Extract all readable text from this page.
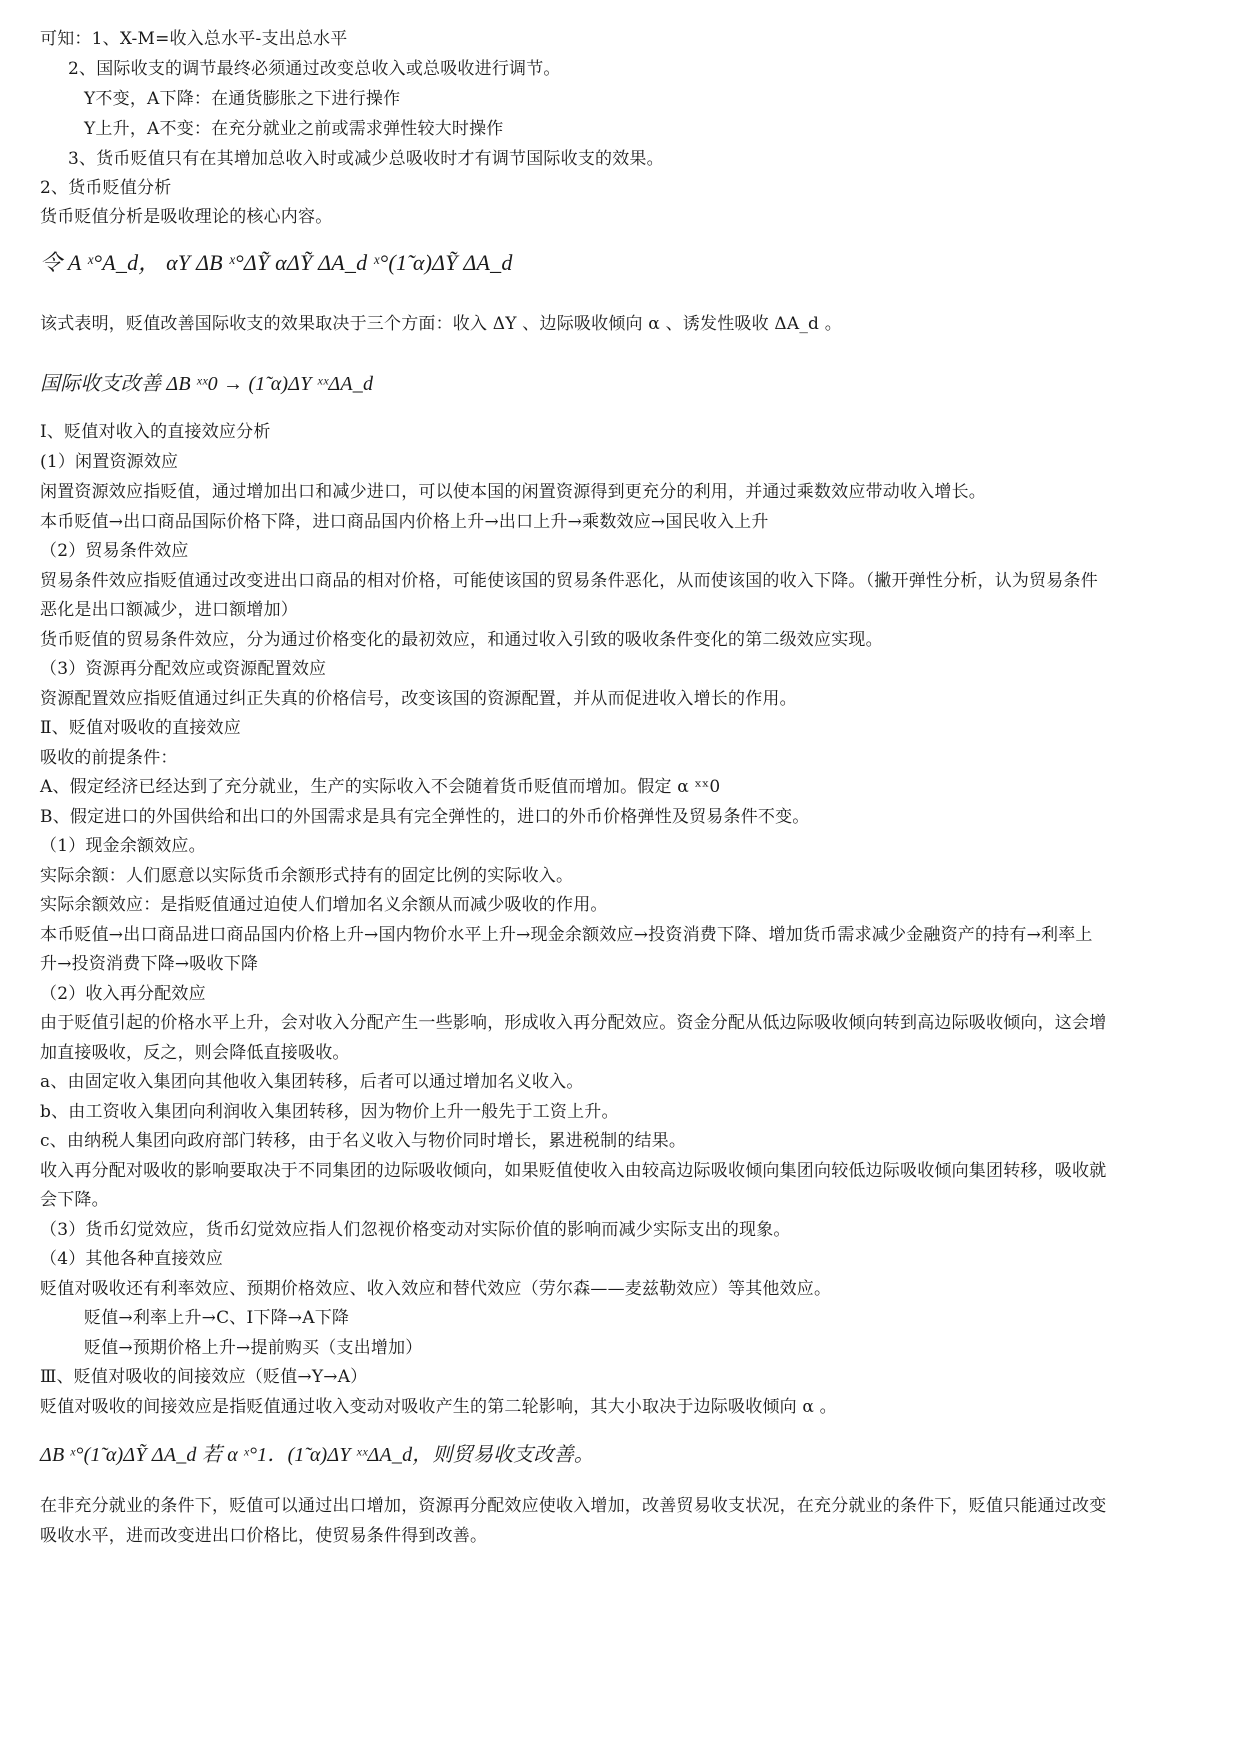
可知：1、X-M=收入总水平-支出总水平
2、国际收支的调节最终必须通过改变总收入或总吸收进行调节。
Y不变，A下降：在通货膨胀之下进行操作
Y上升，A不变：在充分就业之前或需求弹性较大时操作
3、货币贬值只有在其增加总收入时或减少总吸收时才有调节国际收支的效果。
2、货币贬值分析
货币贬值分析是吸收理论的核心内容。
令 A ˣ°A_d， αY ΔB ˣ°ΔỸ αΔỸ ΔA_d ˣ°(1̃ α)ΔỸ ΔA_d
该式表明，贬值改善国际收支的效果取决于三个方面：收入 ΔY 、边际吸收倾向 α 、诱发性吸收 ΔA_d 。
国际收支改善 ΔB ˣˣ0 → (1̃ α)ΔY ˣˣΔA_d
Ⅰ、贬值对收入的直接效应分析
(1）闲置资源效应
闲置资源效应指贬值，通过增加出口和减少进口，可以使本国的闲置资源得到更充分的利用，并通过乘数效应带动收入增长。
本币贬值→出口商品国际价格下降，进口商品国内价格上升→出口上升→乘数效应→国民收入上升
（2）贸易条件效应
贸易条件效应指贬值通过改变进出口商品的相对价格，可能使该国的贸易条件恶化，从而使该国的收入下降。（撇开弹性分析，认为贸易条件
恶化是出口额减少，进口额增加）
货币贬值的贸易条件效应，分为通过价格变化的最初效应，和通过收入引致的吸收条件变化的第二级效应实现。
（3）资源再分配效应或资源配置效应
资源配置效应指贬值通过纠正失真的价格信号，改变该国的资源配置，并从而促进收入增长的作用。
Ⅱ、贬值对吸收的直接效应
吸收的前提条件：
A、假定经济已经达到了充分就业，生产的实际收入不会随着货币贬值而增加。假定 α ˣˣ0
B、假定进口的外国供给和出口的外国需求是具有完全弹性的，进口的外币价格弹性及贸易条件不变。
（1）现金余额效应。
实际余额：人们愿意以实际货币余额形式持有的固定比例的实际收入。
实际余额效应：是指贬值通过迫使人们增加名义余额从而减少吸收的作用。
本币贬值→出口商品进口商品国内价格上升→国内物价水平上升→现金余额效应→投资消费下降、增加货币需求减少金融资产的持有→利率上
升→投资消费下降→吸收下降
（2）收入再分配效应
由于贬值引起的价格水平上升，会对收入分配产生一些影响，形成收入再分配效应。资金分配从低边际吸收倾向转到高边际吸收倾向，这会增
加直接吸收，反之，则会降低直接吸收。
a、由固定收入集团向其他收入集团转移，后者可以通过增加名义收入。
b、由工资收入集团向利润收入集团转移，因为物价上升一般先于工资上升。
c、由纳税人集团向政府部门转移，由于名义收入与物价同时增长，累进税制的结果。
收入再分配对吸收的影响要取决于不同集团的边际吸收倾向，如果贬值使收入由较高边际吸收倾向集团向较低边际吸收倾向集团转移，吸收就
会下降。
（3）货币幻觉效应，货币幻觉效应指人们忽视价格变动对实际价值的影响而减少实际支出的现象。
（4）其他各种直接效应
贬值对吸收还有利率效应、预期价格效应、收入效应和替代效应（劳尔森——麦兹勒效应）等其他效应。
贬值→利率上升→C、I下降→A下降
贬值→预期价格上升→提前购买（支出增加）
Ⅲ、贬值对吸收的间接效应（贬值→Y→A）
贬值对吸收的间接效应是指贬值通过收入变动对吸收产生的第二轮影响，其大小取决于边际吸收倾向 α 。
ΔB ˣ°(1̃ α)ΔỸ ΔA_d 若 α ˣ°1．(1̃ α)ΔY ˣˣΔA_d，则贸易收支改善。
在非充分就业的条件下，贬值可以通过出口增加，资源再分配效应使收入增加，改善贸易收支状况，在充分就业的条件下，贬值只能通过改变
吸收水平，进而改变进出口价格比，使贸易条件得到改善。
